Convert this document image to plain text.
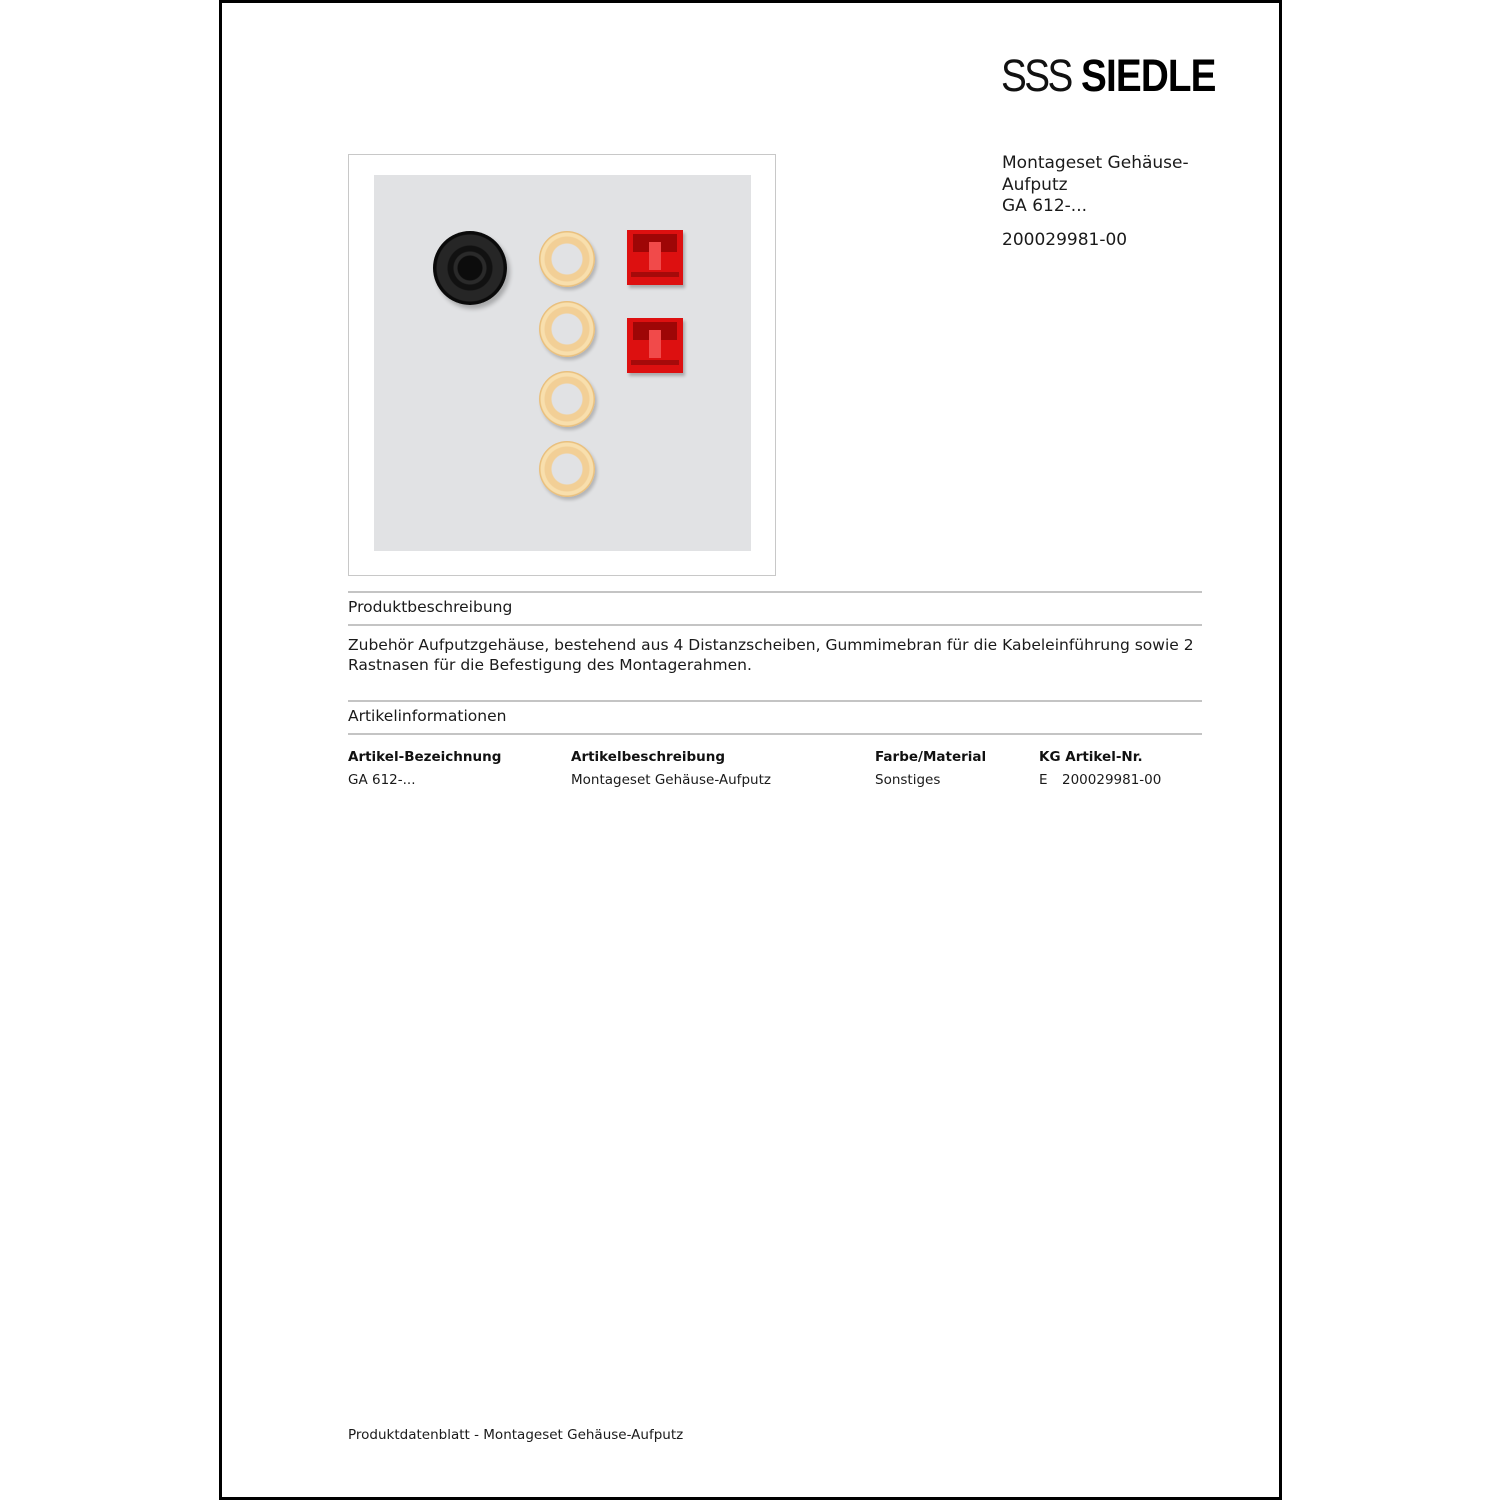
SSS SIEDLE
Montageset Gehäuse-
Aufputz
GA 612-...
200029981-00
Produktbeschreibung
Zubehör Aufputzgehäuse, bestehend aus 4 Distanzscheiben, Gummimebran für die Kabeleinführung sowie 2
Rastnasen für die Befestigung des Montagerahmen.
Artikelinformationen
Artikel-Bezeichnung	Artikelbeschreibung	Farbe/Material	KG Artikel-Nr.
GA 612-...	Montageset Gehäuse-Aufputz	Sonstiges	E 200029981-00
Produktdatenblatt - Montageset Gehäuse-Aufputz
